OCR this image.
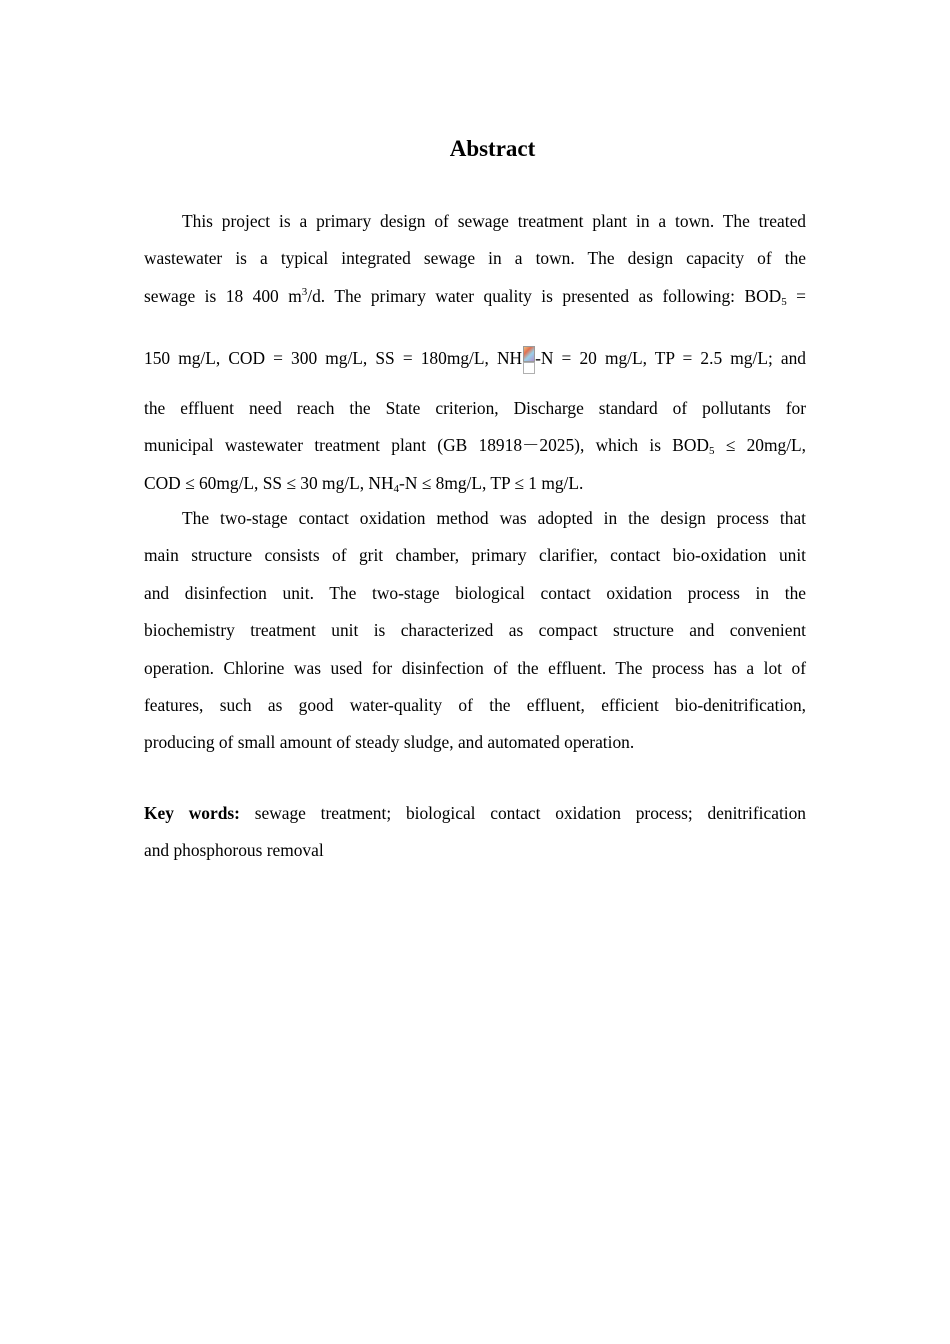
Abstract
This project is a primary design of sewage treatment plant in a town. The treated
wastewater is a typical integrated sewage in a town. The design capacity of the
sewage is 18 400 $m^3/d$. The primary water quality is presented as following: $BOD_5$ =
150 mg/L, COD = 300 mg/L, SS = 180mg/L, NH -N = 20 mg/L, TP = 2.5 mg/L; and
the effluent need reach the State criterion, Discharge standard of pollutants for
municipal wastewater treatment plant (GB 18918－2025), which is $BOD_5 \le 20mg/L$,
COD ≤ 60mg/L, SS ≤ 30 mg/L, $NH_4-N \le 8mg/L$, TP ≤ 1 mg/L.
The two-stage contact oxidation method was adopted in the design process that
main structure consists of grit chamber, primary clarifier, contact bio-oxidation unit
and disinfection unit. The two-stage biological contact oxidation process in the
biochemistry treatment unit is characterized as compact structure and convenient
operation. Chlorine was used for disinfection of the effluent. The process has a lot of
features, such as good water-quality of the effluent, efficient bio-denitrification,
producing of small amount of steady sludge, and automated operation.
Key words: sewage treatment; biological contact oxidation process; denitrification
and phosphorous removal
